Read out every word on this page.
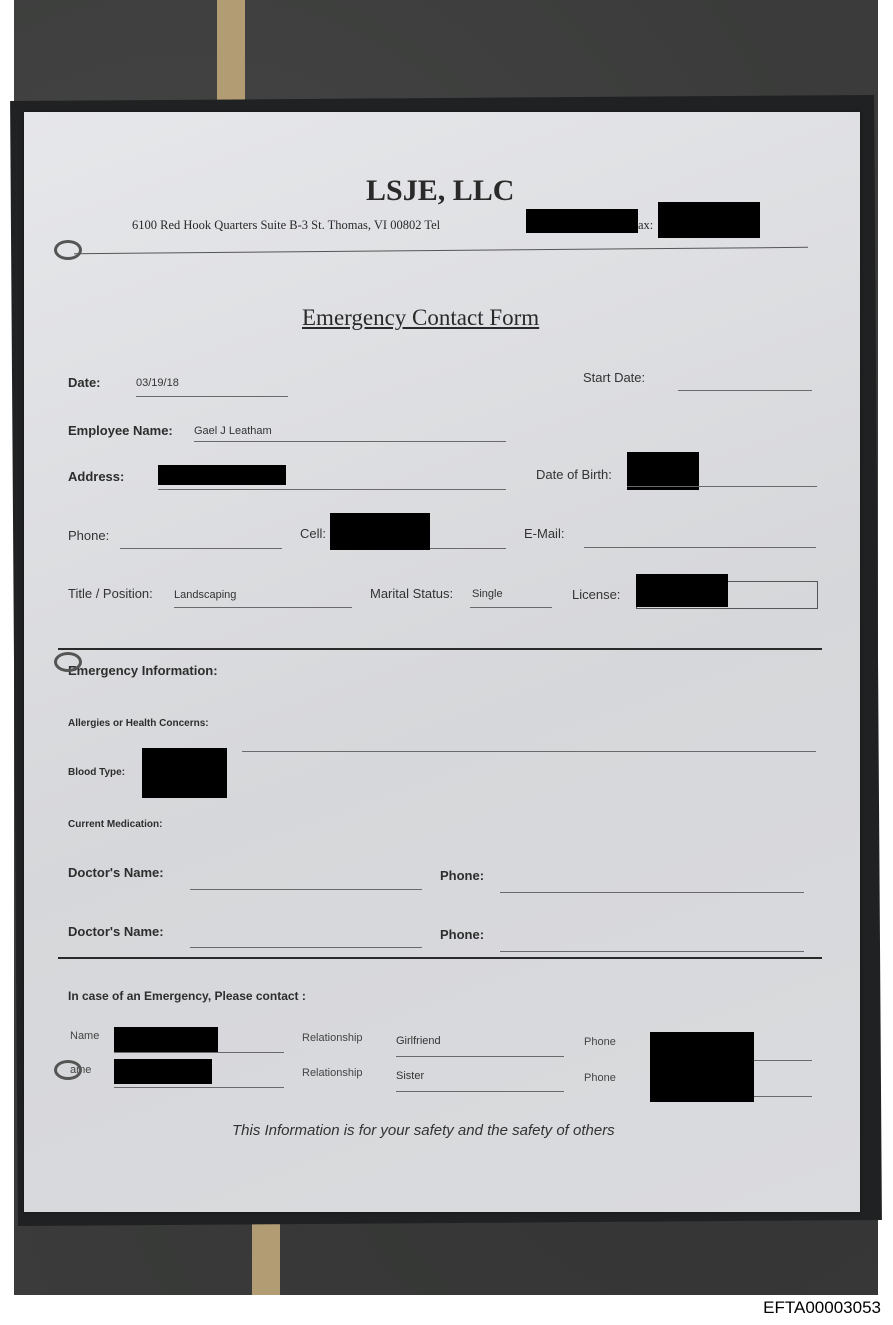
LSJE, LLC
6100 Red Hook Quarters Suite B-3 St. Thomas, VI 00802 Tel	ax:
Emergency Contact Form
Date:	03/19/18	Start Date:
Employee Name: Gael J Leatham
Address:	Date of Birth:
Phone:	Cell:	E-Mail:
Title / Position: Landscaping	Marital Status: Single	License:
Emergency Information:
Allergies or Health Concerns:
Blood Type:
Current Medication:
Doctor's Name:	Phone:
Doctor's Name:	Phone:
In case of an Emergency, Please contact :
Name	Relationship	Girlfriend	Phone
ame	Relationship	Sister	Phone
This Information is for your safety and the safety of others
EFTA00003053
